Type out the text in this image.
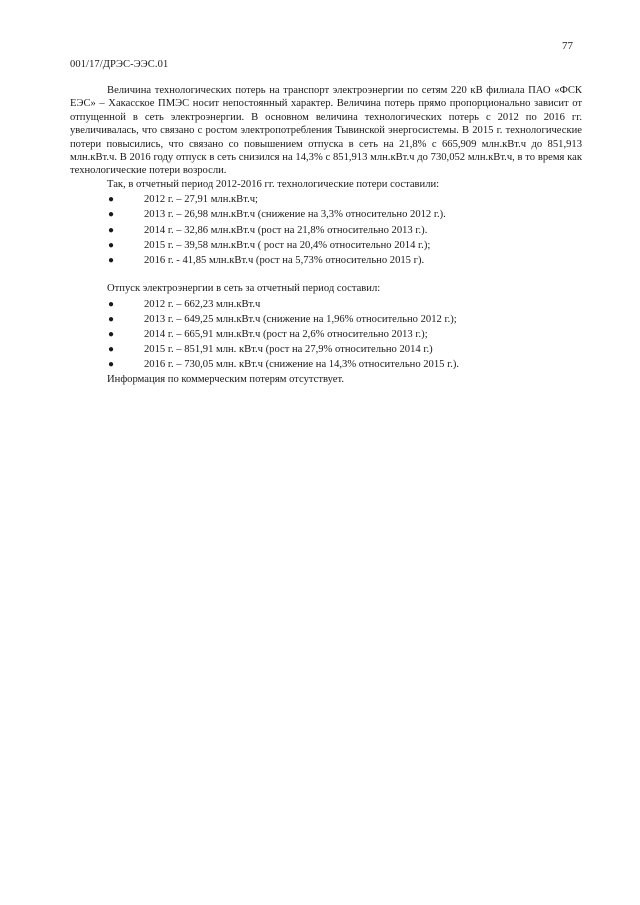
77
001/17/ДРЭС-ЭЭС.01

Величина технологических потерь на транспорт электроэнергии по сетям 220 кВ филиала ПАО «ФСК ЕЭС» – Хакасское ПМЭС носит непостоянный характер. Величина потерь прямо пропорционально зависит от отпущенной в сеть электроэнергии. В основном величина технологических потерь с 2012 по 2016 гг. увеличивалась, что связано с ростом электропотребления Тывинской энергосистемы. В 2015 г. технологические потери повысились, что связано со повышением отпуска в сеть на 21,8% с 665,909 млн.кВт.ч до 851,913 млн.кВт.ч. В 2016 году отпуск в сеть снизился на 14,3% с 851,913 млн.кВт.ч до 730,052 млн.кВт.ч, в то время как технологические потери возросли.

Так, в отчетный период 2012-2016 гг. технологические потери составили:

●	2012 г. – 27,91 млн.кВт.ч;
●	2013 г. – 26,98 млн.кВт.ч (снижение на 3,3% относительно 2012 г.).
●	2014 г. – 32,86 млн.кВт.ч (рост на 21,8% относительно 2013 г.).
●	2015 г. – 39,58 млн.кВт.ч ( рост на 20,4% относительно 2014 г.);
●	2016 г. - 41,85 млн.кВт.ч (рост на 5,73% относительно 2015 г).

Отпуск электроэнергии в сеть за отчетный период составил:

●	2012 г. – 662,23 млн.кВт.ч
●	2013 г. – 649,25 млн.кВт.ч (снижение на 1,96% относительно 2012 г.);
●	2014 г. – 665,91 млн.кВт.ч (рост на 2,6% относительно 2013 г.);
●	2015 г. – 851,91 млн. кВт.ч (рост на 27,9% относительно 2014 г.)
●	2016 г. – 730,05 млн. кВт.ч (снижение на 14,3% относительно 2015 г.).

Информация по коммерческим потерям отсутствует.
